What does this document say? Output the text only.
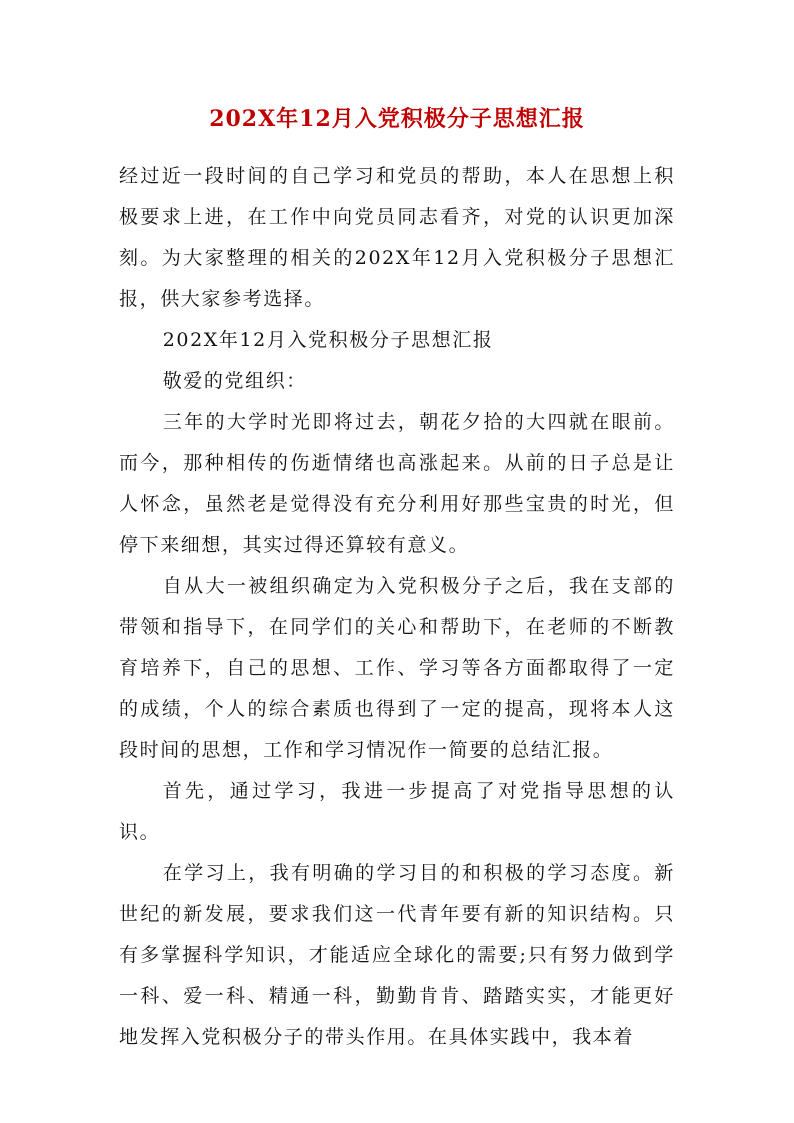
202X年12月入党积极分子思想汇报

经过近一段时间的自己学习和党员的帮助，本人在思想上积极要求上进，在工作中向党员同志看齐，对党的认识更加深刻。为大家整理的相关的202X年12月入党积极分子思想汇报，供大家参考选择。

202X年12月入党积极分子思想汇报

敬爱的党组织：

三年的大学时光即将过去，朝花夕拾的大四就在眼前。而今，那种相传的伤逝情绪也高涨起来。从前的日子总是让人怀念，虽然老是觉得没有充分利用好那些宝贵的时光，但停下来细想，其实过得还算较有意义。

自从大一被组织确定为入党积极分子之后，我在支部的带领和指导下，在同学们的关心和帮助下，在老师的不断教育培养下，自己的思想、工作、学习等各方面都取得了一定的成绩，个人的综合素质也得到了一定的提高，现将本人这段时间的思想，工作和学习情况作一简要的总结汇报。

首先，通过学习，我进一步提高了对党指导思想的认识。

在学习上，我有明确的学习目的和积极的学习态度。新世纪的新发展，要求我们这一代青年要有新的知识结构。只有多掌握科学知识，才能适应全球化的需要;只有努力做到学一科、爱一科、精通一科，勤勤肯肯、踏踏实实，才能更好地发挥入党积极分子的带头作用。在具体实践中，我本着
